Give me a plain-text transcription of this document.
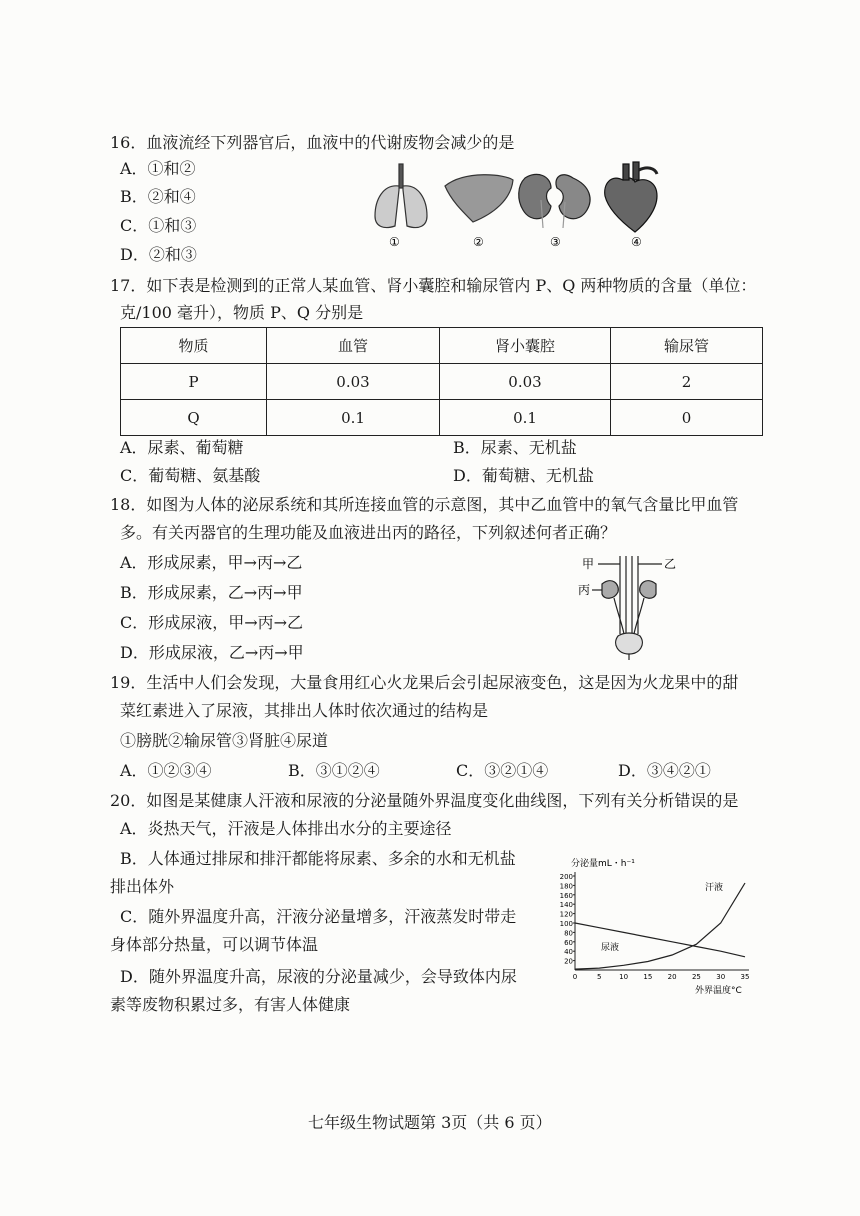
16．血液流经下列器官后，血液中的代谢废物会减少的是
A．①和②
B．②和④
C．①和③
D．②和③
①	②	③	④
17．如下表是检测到的正常人某血管、肾小囊腔和输尿管内 P、Q 两种物质的含量（单位：
克/100 毫升），物质 P、Q 分别是
物质	血管	肾小囊腔	输尿管
P	0.03	0.03	2
Q	0.1	0.1	0
A．尿素、葡萄糖	B．尿素、无机盐
C．葡萄糖、氨基酸	D．葡萄糖、无机盐
18．如图为人体的泌尿系统和其所连接血管的示意图，其中乙血管中的氧气含量比甲血管
多。有关丙器官的生理功能及血液进出丙的路径，下列叙述何者正确？
A．形成尿素，甲→丙→乙
B．形成尿素，乙→丙→甲
C．形成尿液，甲→丙→乙
D．形成尿液，乙→丙→甲
甲	乙
丙
19．生活中人们会发现，大量食用红心火龙果后会引起尿液变色，这是因为火龙果中的甜
菜红素进入了尿液，其排出人体时依次通过的结构是
①膀胱②输尿管③肾脏④尿道
A．①②③④	B．③①②④	C．③②①④	D．③④②①
20．如图是某健康人汗液和尿液的分泌量随外界温度变化曲线图，下列有关分析错误的是
A．炎热天气，汗液是人体排出水分的主要途径
B．人体通过排尿和排汗都能将尿素、多余的水和无机盐
排出体外
C．随外界温度升高，汗液分泌量增多，汗液蒸发时带走
身体部分热量，可以调节体温
D．随外界温度升高，尿液的分泌量减少，会导致体内尿
素等废物积累过多，有害人体健康
20
40
60
80
100
120
140
160
180
200
0	5	10 15 20 25 30 35
分泌量mL・h⁻¹
外界温度°C
汗液
尿液
七年级生物试题第 3页（共 6 页）
